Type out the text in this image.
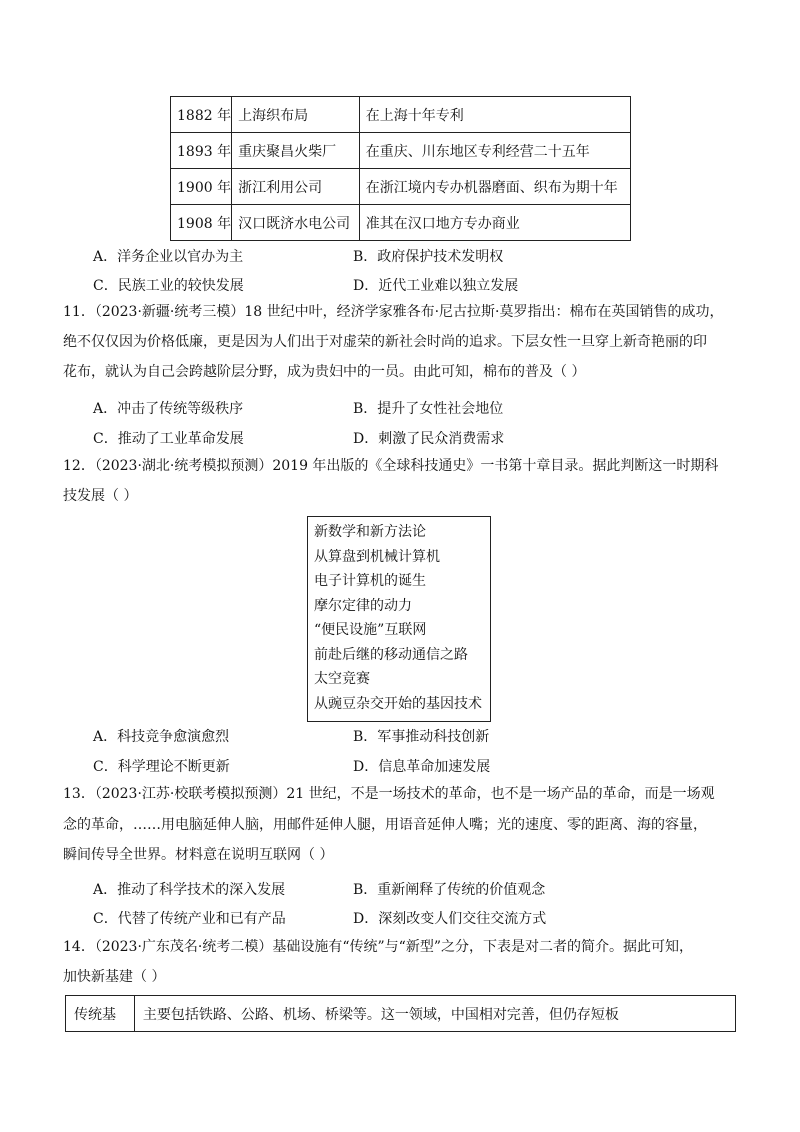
1882 年	上海织布局	在上海十年专利
1893 年	重庆聚昌火柴厂	在重庆、川东地区专利经营二十五年
1900 年	浙江利用公司	在浙江境内专办机器磨面、织布为期十年
1908 年	汉口既济水电公司	准其在汉口地方专办商业
A．洋务企业以官办为主	B．政府保护技术发明权
C．民族工业的较快发展	D．近代工业难以独立发展
11．（2023·新疆·统考三模）18 世纪中叶，经济学家雅各布·尼古拉斯·莫罗指出：棉布在英国销售的成功，
绝不仅仅因为价格低廉，更是因为人们出于对虚荣的新社会时尚的追求。下层女性一旦穿上新奇艳丽的印
花布，就认为自己会跨越阶层分野，成为贵妇中的一员。由此可知，棉布的普及（ ）
A．冲击了传统等级秩序	B．提升了女性社会地位
C．推动了工业革命发展	D．刺激了民众消费需求
12．（2023·湖北·统考模拟预测）2019 年出版的《全球科技通史》一书第十章目录。据此判断这一时期科
技发展（ ）
新数学和新方法论
从算盘到机械计算机
电子计算机的诞生
摩尔定律的动力
“便民设施”互联网
前赴后继的移动通信之路
太空竞赛
从豌豆杂交开始的基因技术
A．科技竞争愈演愈烈	B．军事推动科技创新
C．科学理论不断更新	D．信息革命加速发展
13．（2023·江苏·校联考模拟预测）21 世纪，不是一场技术的革命，也不是一场产品的革命，而是一场观
念的革命，……用电脑延伸人脑，用邮件延伸人腿，用语音延伸人嘴；光的速度、零的距离、海的容量，
瞬间传导全世界。材料意在说明互联网（ ）
A．推动了科学技术的深入发展	B．重新阐释了传统的价值观念
C．代替了传统产业和已有产品	D．深刻改变人们交往交流方式
14．（2023·广东茂名·统考二模）基础设施有“传统”与“新型”之分，下表是对二者的简介。据此可知，
加快新基建（ ）
传统基	主要包括铁路、公路、机场、桥梁等。这一领域，中国相对完善，但仍存短板
